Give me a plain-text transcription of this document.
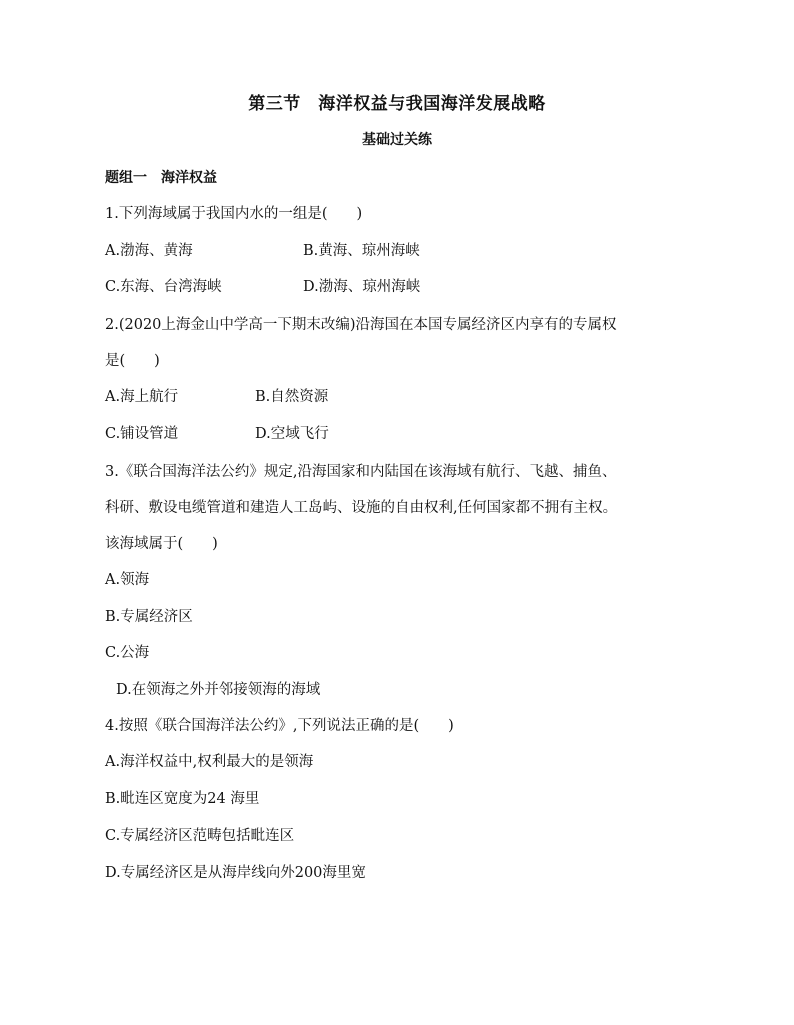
第三节　海洋权益与我国海洋发展战略
基础过关练
题组一　海洋权益
1.下列海域属于我国内水的一组是(　　)
A.渤海、黄海	B.黄海、琼州海峡
C.东海、台湾海峡	D.渤海、琼州海峡
2.(2020上海金山中学高一下期末改编)沿海国在本国专属经济区内享有的专属权
是(　　)
A.海上航行	B.自然资源
C.铺设管道	D.空域飞行
3.《联合国海洋法公约》规定,沿海国家和内陆国在该海域有航行、飞越、捕鱼、
科研、敷设电缆管道和建造人工岛屿、设施的自由权利,任何国家都不拥有主权。
该海域属于(　　)
A.领海
B.专属经济区
C.公海
D.在领海之外并邻接领海的海域
4.按照《联合国海洋法公约》,下列说法正确的是(　　)
A.海洋权益中,权利最大的是领海
B.毗连区宽度为24 海里
C.专属经济区范畴包括毗连区
D.专属经济区是从海岸线向外200海里宽
